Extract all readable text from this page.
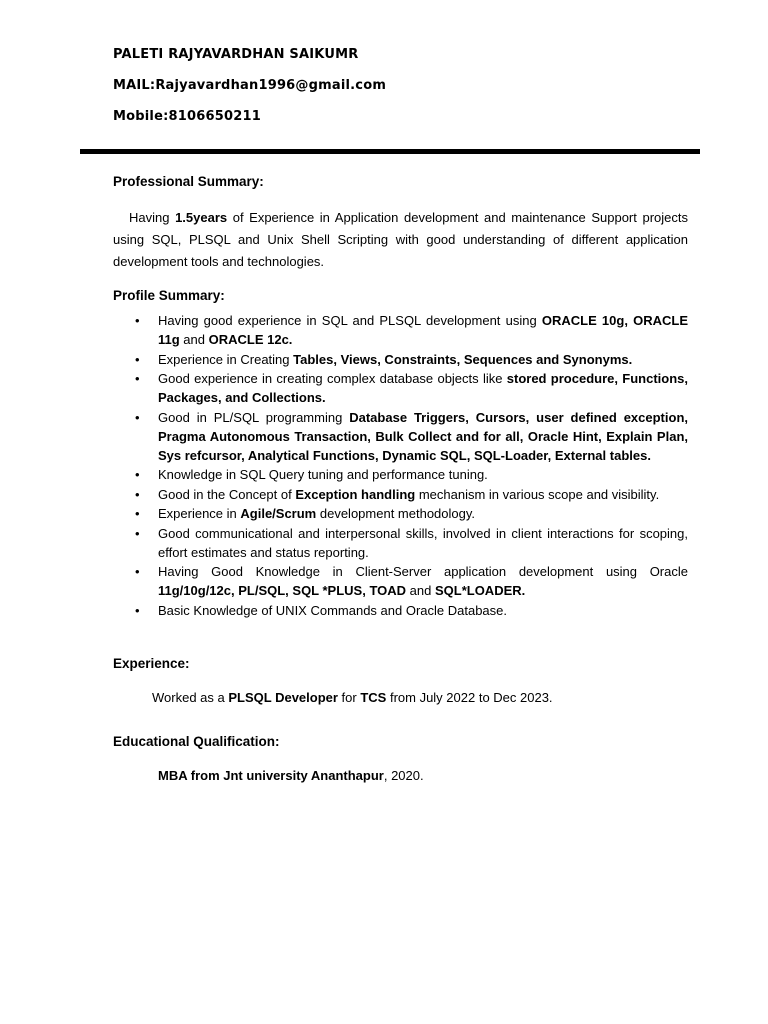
PALETI RAJYAVARDHAN SAIKUMR
MAIL:Rajyavardhan1996@gmail.com
Mobile:8106650211
Professional Summary:
Having 1.5years of Experience in Application development and maintenance Support projects using SQL, PLSQL and Unix Shell Scripting with good understanding of different application development tools and technologies.
Profile Summary:
• Having good experience in SQL and PLSQL development using ORACLE 10g, ORACLE 11g and ORACLE 12c.
• Experience in Creating Tables, Views, Constraints, Sequences and Synonyms.
• Good experience in creating complex database objects like stored procedure, Functions, Packages, and Collections.
• Good in PL/SQL programming Database Triggers, Cursors, user defined exception, Pragma Autonomous Transaction, Bulk Collect and for all, Oracle Hint, Explain Plan, Sys refcursor, Analytical Functions, Dynamic SQL, SQL-Loader, External tables.
• Knowledge in SQL Query tuning and performance tuning.
• Good in the Concept of Exception handling mechanism in various scope and visibility.
• Experience in Agile/Scrum development methodology.
• Good communicational and interpersonal skills, involved in client interactions for scoping, effort estimates and status reporting.
• Having Good Knowledge in Client-Server application development using Oracle 11g/10g/12c, PL/SQL, SQL *PLUS, TOAD and SQL*LOADER.
• Basic Knowledge of UNIX Commands and Oracle Database.
Experience:
Worked as a PLSQL Developer for TCS from July 2022 to Dec 2023.
Educational Qualification:
MBA from Jnt university Ananthapur, 2020.
